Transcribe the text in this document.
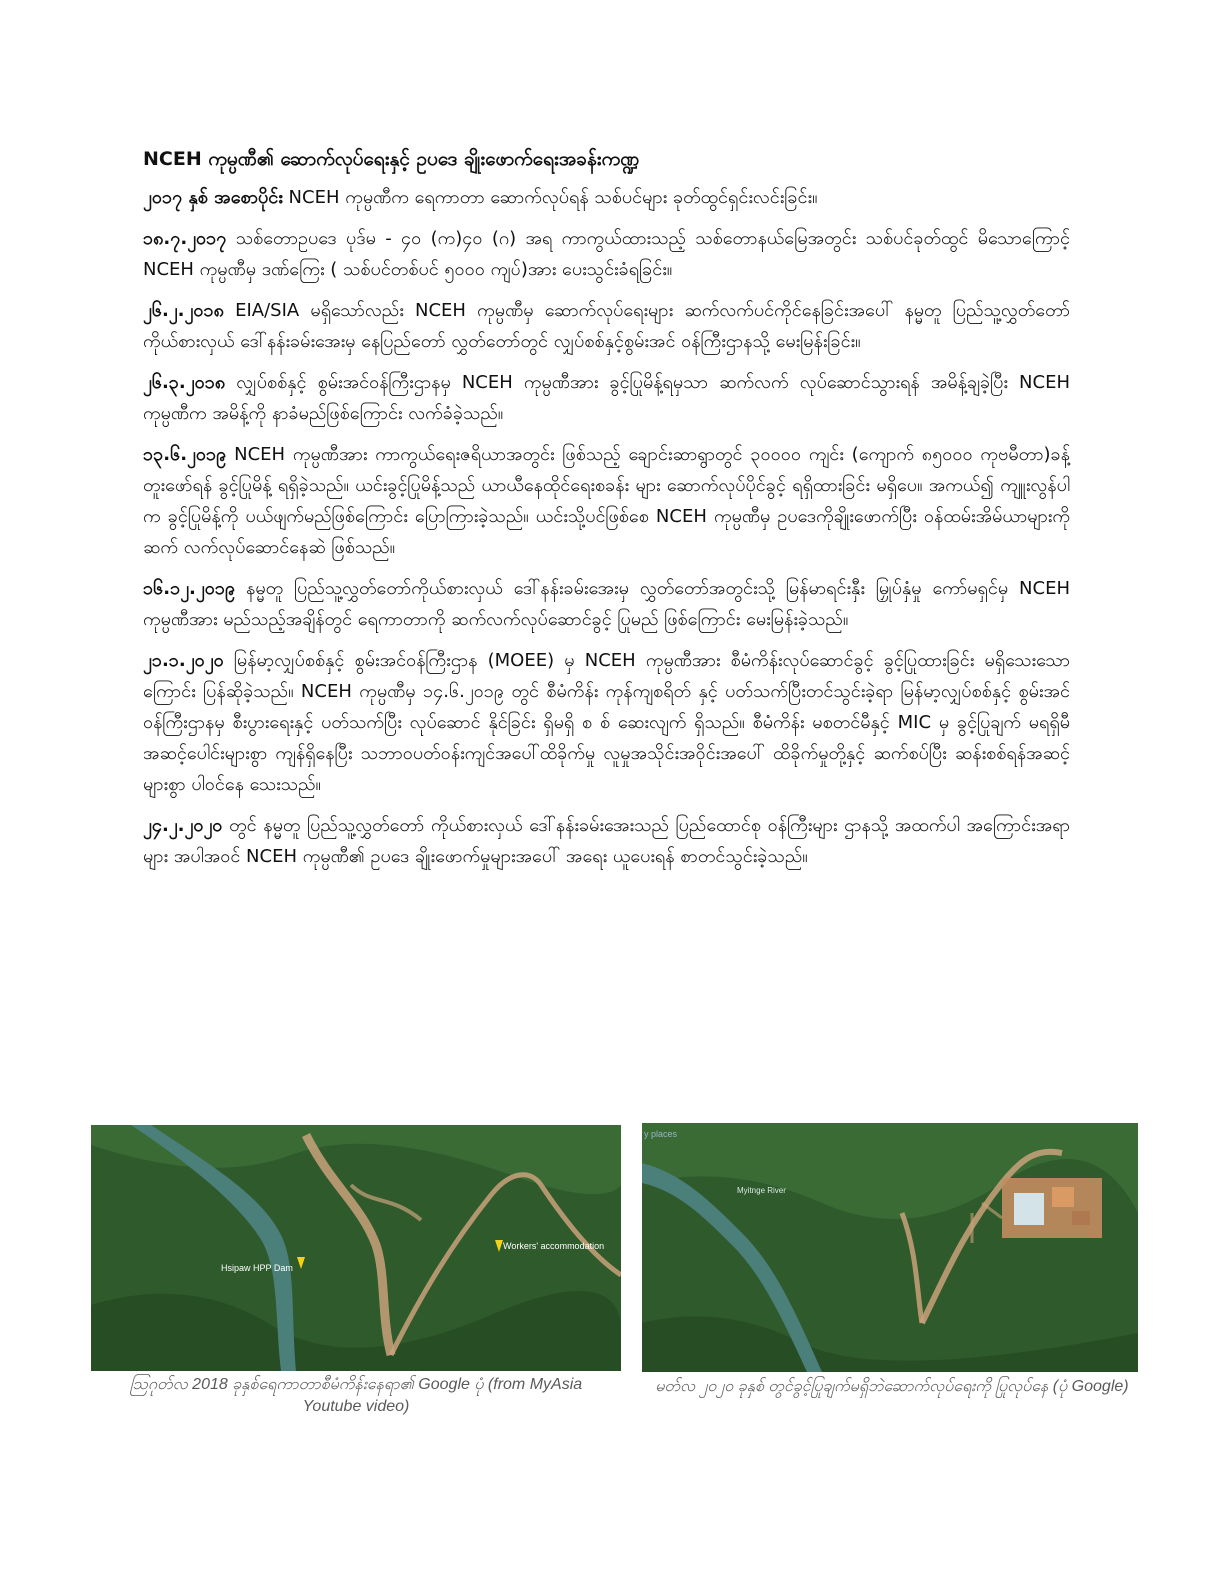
NCEH ကုမ္ပဏီ၏ ဆောက်လုပ်ရေးနှင့် ဥပဒေ ချိုးဖောက်ရေးအခန်းကဏ္ဍ

၂၀၁၇ နှစ် အစောပိုင်း NCEH ကုမ္ပဏီက ရေကာတာ ဆောက်လုပ်ရန် သစ်ပင်များ ခုတ်ထွင်ရှင်းလင်းခြင်း။

၁၈.၇.၂၀၁၇ သစ်တောဥပဒေ ပုဒ်မ - ၄၀ (က)၄၀ (ဂ) အရ ကာကွယ်ထားသည့် သစ်တောနယ်မြေအတွင်း သစ်ပင်ခုတ်ထွင် မိသောကြောင့် NCEH ကုမ္ပဏီမှ ဒဏ်ကြေး ( သစ်ပင်တစ်ပင် ၅၀၀၀ ကျပ်)အား ပေးသွင်းခံရခြင်း။

၂၆.၂.၂၀၁၈ EIA/SIA မရှိသော်လည်း NCEH ကုမ္ပဏီမှ ဆောက်လုပ်ရေးများ ဆက်လက်ပင်ကိုင်နေခြင်းအပေါ် နမ္မတူ ပြည်သူ့လွှတ်တော်ကိုယ်စားလှယ် ဒေါ်နန်းခမ်းအေးမှ နေပြည်တော် လွှတ်တော်တွင် လျှပ်စစ်နှင့်စွမ်းအင် ဝန်ကြီးဌာနသို့ မေးမြန်းခြင်း။

၂၆.၃.၂၀၁၈ လျှပ်စစ်နှင့် စွမ်းအင်ဝန်ကြီးဌာနမှ NCEH ကုမ္ပဏီအား ခွင့်ပြုမိန့်ရမှသာ ဆက်လက် လုပ်ဆောင်သွားရန် အမိန့်ချခဲ့ပြီး NCEH ကုမ္ပဏီက အမိန့်ကို နာခံမည်ဖြစ်ကြောင်း လက်ခံခဲ့သည်။

၁၃.၆.၂၀၁၉ NCEH ကုမ္ပဏီအား ကာကွယ်ရေးဇရိယာအတွင်း ဖြစ်သည့် ချောင်းဆာရွာတွင် ၃၀၀၀၀ ကျင်း (ကျောက် ၈၅၀၀၀ ကုဗမီတာ)ခန့် တူးဖော်ရန် ခွင့်ပြုမိန့် ရရှိခဲ့သည်။ ယင်းခွင့်ပြုမိန့်သည် ယာယီနေထိုင်ရေးစခန်း များ ဆောက်လုပ်ပိုင်ခွင့် ရရှိထားခြင်း မရှိပေ။ အကယ်၍ ကျူးလွန်ပါက ခွင့်ပြုမိန့်ကို ပယ်ဖျက်မည်ဖြစ်ကြောင်း ပြောကြားခဲ့သည်။ ယင်းသို့ပင်ဖြစ်စေ NCEH ကုမ္ပဏီမှ ဥပဒေကိုချိုးဖောက်ပြီး ဝန်ထမ်းအိမ်ယာများကို ဆက် လက်လုပ်ဆောင်နေဆဲ ဖြစ်သည်။

၁၆.၁၂.၂၀၁၉ နမ္မတူ ပြည်သူ့လွှတ်တော်ကိုယ်စားလှယ် ဒေါ်နန်းခမ်းအေးမှ လွှတ်တော်အတွင်းသို့ မြန်မာရင်းနှီး မြှုပ်နှံမှု ကော်မရှင်မှ NCEH ကုမ္ပဏီအား မည်သည့်အချိန်တွင် ရေကာတာကို ဆက်လက်လုပ်ဆောင်ခွင့် ပြုမည် ဖြစ်ကြောင်း မေးမြန်းခဲ့သည်။

၂၁.၁.၂၀၂၀ မြန်မာ့လျှပ်စစ်နှင့် စွမ်းအင်ဝန်ကြီးဌာန (MOEE) မှ NCEH ကုမ္ပဏီအား စီမံကိန်းလုပ်ဆောင်ခွင့် ခွင့်ပြုထားခြင်း မရှိသေးသောကြောင်း ပြန်ဆိုခဲ့သည်။ NCEH ကုမ္ပဏီမှ ၁၄.၆.၂၀၁၉ တွင် စီမံကိန်း ကုန်ကျစရိတ် နှင့် ပတ်သက်ပြီးတင်သွင်းခဲ့ရာ မြန်မာ့လျှပ်စစ်နှင့် စွမ်းအင်ဝန်ကြီးဌာနမှ စီးပွားရေးနှင့် ပတ်သက်ပြီး လုပ်ဆောင် နိုင်ခြင်း ရှိမရှိ စ စ် ဆေးလျက် ရှိသည်။ စီမံကိန်း မစတင်မီနှင့် MIC မှ ခွင့်ပြုချက် မရရှိမီ အဆင့်ပေါင်းများစွာ ကျန်ရှိနေပြီး သဘာဝပတ်ဝန်းကျင်အပေါ်ထိခိုက်မှု လူမှုအသိုင်းအဝိုင်းအပေါ် ထိခိုက်မှုတို့နှင့် ဆက်စပ်ပြီး ဆန်းစစ်ရန်အဆင့်များစွာ ပါဝင်နေ သေးသည်။

၂၄.၂.၂၀၂၀ တွင် နမ္မတူ ပြည်သူ့လွှတ်တော် ကိုယ်စားလှယ် ဒေါ်နန်းခမ်းအေးသည် ပြည်ထောင်စု ဝန်ကြီးများ ဌာနသို့ အထက်ပါ အကြောင်းအရာများ အပါအဝင် NCEH ကုမ္ပဏီ၏ ဥပဒေ ချိုးဖောက်မှုများအပေါ် အရေး ယူပေးရန် စာတင်သွင်းခဲ့သည်။

Hsipaw HPP Dam
Workers' accommodation
ဩဂုတ်လ 2018 ခုနှစ်ရေကာတာစီမံကိန်းနေရာ၏ Google ပုံ (from MyAsia Youtube video)
y places
Myitnge River
မတ်လ ၂၀၂၀ ခုနှစ် တွင်ခွင့်ပြုချက်မရှိဘဲဆောက်လုပ်ရေးကို ပြုလုပ်နေ (ပုံ Google)
